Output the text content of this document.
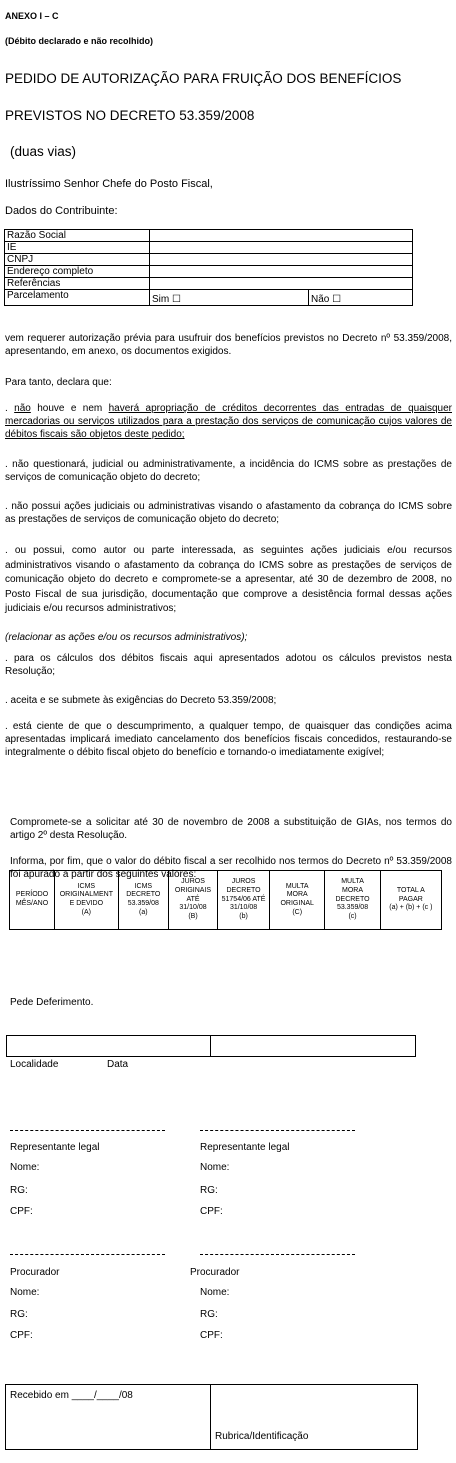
ANEXO I – C
(Débito declarado e não recolhido)
PEDIDO DE AUTORIZAÇÃO PARA FRUIÇÃO DOS BENEFÍCIOS
PREVISTOS NO DECRETO 53.359/2008
(duas vias)
Ilustríssimo Senhor Chefe do Posto Fiscal,
Dados do Contribuinte:
Razão Social		
IE		
CNPJ		
Endereço completo		
Referências		
Parcelamento	Sim ☐	Não ☐
vem requerer autorização prévia para usufruir dos benefícios previstos no Decreto nº 53.359/2008, apresentando, em anexo, os documentos exigidos.
Para tanto, declara que:
. não houve e nem haverá apropriação de créditos decorrentes das entradas de quaisquer mercadorias ou serviços utilizados para a prestação dos serviços de comunicação cujos valores de débitos fiscais são objetos deste pedido;
. não questionará, judicial ou administrativamente, a incidência do ICMS sobre as prestações de serviços de comunicação objeto do decreto;
. não possui ações judiciais ou administrativas visando o afastamento da cobrança do ICMS sobre as prestações de serviços de comunicação objeto do decreto;
. ou possui, como autor ou parte interessada, as seguintes ações judiciais e/ou recursos administrativos visando o afastamento da cobrança do ICMS sobre as prestações de serviços de comunicação objeto do decreto e compromete-se a apresentar, até 30 de dezembro de 2008, no Posto Fiscal de sua jurisdição, documentação que comprove a desistência formal dessas ações judiciais e/ou recursos administrativos;
(relacionar as ações e/ou os recursos administrativos);
. para os cálculos dos débitos fiscais aqui apresentados adotou os cálculos previstos nesta Resolução;
. aceita e se submete às exigências do Decreto 53.359/2008;
. está ciente de que o descumprimento, a qualquer tempo, de quaisquer das condições acima apresentadas implicará imediato cancelamento dos benefícios fiscais concedidos, restaurando-se integralmente o débito fiscal objeto do benefício e tornando-o imediatamente exigível;
Compromete-se a solicitar até 30 de novembro de 2008 a substituição de GIAs, nos termos do artigo 2º desta Resolução.
Informa, por fim, que o valor do débito fiscal a ser recolhido nos termos do Decreto nº 53.359/2008 foi apurado a partir dos seguintes valores:
PERÍODO
MÊS/ANO

ICMS
ORIGINALMENT
E DEVIDO
(A)

ICMS
DECRETO
53.359/08
(a)

JUROS
ORIGINAIS
ATÉ
31/10/08
(B)

JUROS
DECRETO
51754/06 ATÉ
31/10/08
(b)

MULTA
MORA
ORIGINAL
(C)

MULTA
MORA
DECRETO
53.359/08
(c)

TOTAL A
PAGAR
(a) + (b) + (c )
Pede Deferimento.
Localidade	Data
Representante legal
Nome:
RG:
CPF:
Representante legal
Nome:
RG:
CPF:
Procurador
Nome:
RG:
CPF:
Procurador
Nome:
RG:
CPF:
Recebido em ____/____/08
Rubrica/Identificação
